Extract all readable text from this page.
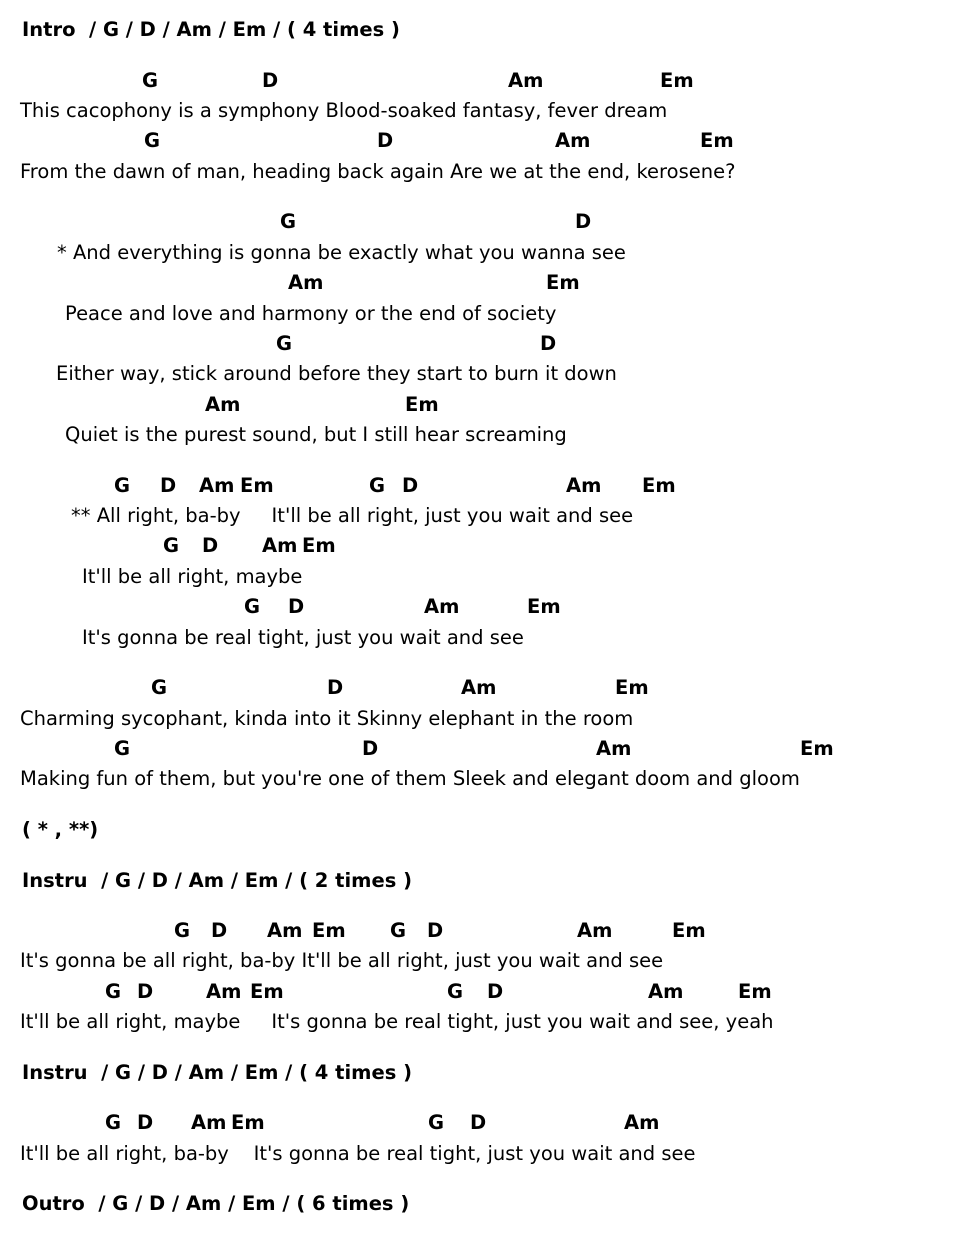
Intro  / G / D / Am / Em / ( 4 times )
G	D	Am	Em
This cacophony is a symphony Blood-soaked fantasy, fever dream
G	D	Am	Em
From the dawn of man, heading back again Are we at the end, kerosene?
G	D
* And everything is gonna be exactly what you wanna see
Am	Em
Peace and love and harmony or the end of society
G	D
Either way, stick around before they start to burn it down
Am	Em
Quiet is the purest sound, but I still hear screaming
G D Am Em	G D	Am Em
** All right, ba-by     It'll be all right, just you wait and see
G D Am Em
It'll be all right, maybe
G D	Am	Em
It's gonna be real tight, just you wait and see
G	D	Am	Em
Charming sycophant, kinda into it Skinny elephant in the room
G	D	Am	Em
Making fun of them, but you're one of them Sleek and elegant doom and gloom
( * , **)
Instru  / G / D / Am / Em / ( 2 times )
G D Am Em G D	Am	Em
It's gonna be all right, ba-by It'll be all right, just you wait and see
G D	Am Em	G D	Am	Em
It'll be all right, maybe     It's gonna be real tight, just you wait and see, yeah
Instru  / G / D / Am / Em / ( 4 times )
G D Am Em	G D	Am
It'll be all right, ba-by    It's gonna be real tight, just you wait and see
Outro  / G / D / Am / Em / ( 6 times )
